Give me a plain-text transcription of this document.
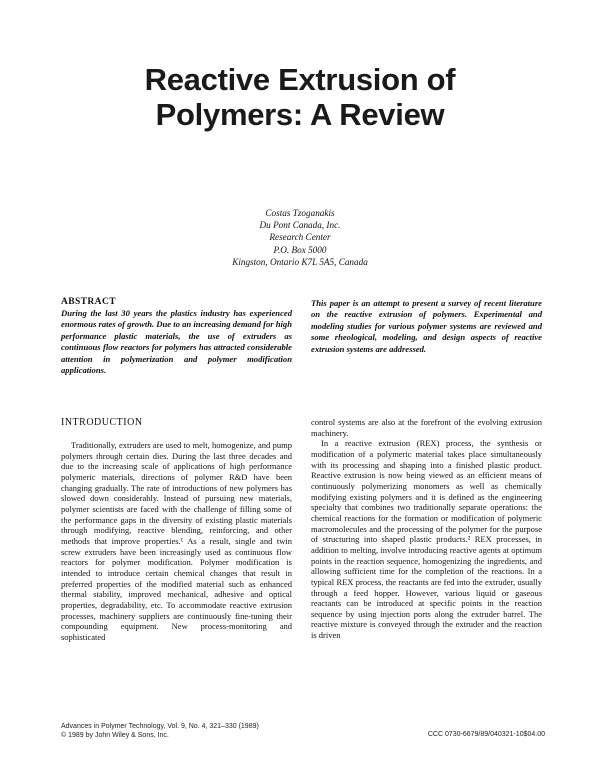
Reactive Extrusion of
Polymers: A Review
Costas Tzoganakis
Du Pont Canada, Inc.
Research Center
P.O. Box 5000
Kingston, Ontario K7L 5A5, Canada
ABSTRACT

During the last 30 years the plastics industry has experienced enormous rates of growth. Due to an increasing demand for high performance plastic materials, the use of extruders as continuous flow reactors for polymers has attracted considerable attention in polymerization and polymer modification applications.

This paper is an attempt to present a survey of recent literature on the reactive extrusion of polymers. Experimental and modeling studies for various polymer systems are reviewed and some rheological, modeling, and design aspects of reactive extrusion systems are addressed.

INTRODUCTION

Traditionally, extruders are used to melt, homogenize, and pump polymers through certain dies. During the last three decades and due to the increasing scale of applications of high performance polymeric materials, directions of polymer R&D have been changing gradually. The rate of introductions of new polymers has slowed down considerably. Instead of pursuing new materials, polymer scientists are faced with the challenge of filling some of the performance gaps in the diversity of existing plastic materials through modifying, reactive blending, reinforcing, and other methods that improve properties.¹ As a result, single and twin screw extruders have been increasingly used as continuous flow reactors for polymer modification. Polymer modification is intended to introduce certain chemical changes that result in preferred properties of the modified material such as enhanced thermal stability, improved mechanical, adhesive and optical properties, degradability, etc. To accommodate reactive extrusion processes, machinery suppliers are continuously fine-tuning their compounding equipment. New process-monitoring and sophisticated

control systems are also at the forefront of the evolving extrusion machinery.

In a reactive extrusion (REX) process, the synthesis or modification of a polymeric material takes place simultaneously with its processing and shaping into a finished plastic product. Reactive extrusion is now being viewed as an efficient means of continuously polymerizing monomers as well as chemically modifying existing polymers and it is defined as the engineering specialty that combines two traditionally separate operations: the chemical reactions for the formation or modification of polymeric macromolecules and the processing of the polymer for the purpose of structuring into shaped plastic products.² REX processes, in addition to melting, involve introducing reactive agents at optimum points in the reaction sequence, homogenizing the ingredients, and allowing sufficient time for the completion of the reactions. In a typical REX process, the reactants are fed into the extruder, usually through a feed hopper. However, various liquid or gaseous reactants can be introduced at specific points in the reaction sequence by using injection ports along the extruder barrel. The reactive mixture is conveyed through the extruder and the reaction is driven

Advances in Polymer Technology, Vol. 9, No. 4, 321–330 (1989)
© 1989 by John Wiley & Sons, Inc.	CCC 0730-6679/89/040321-10$04.00
